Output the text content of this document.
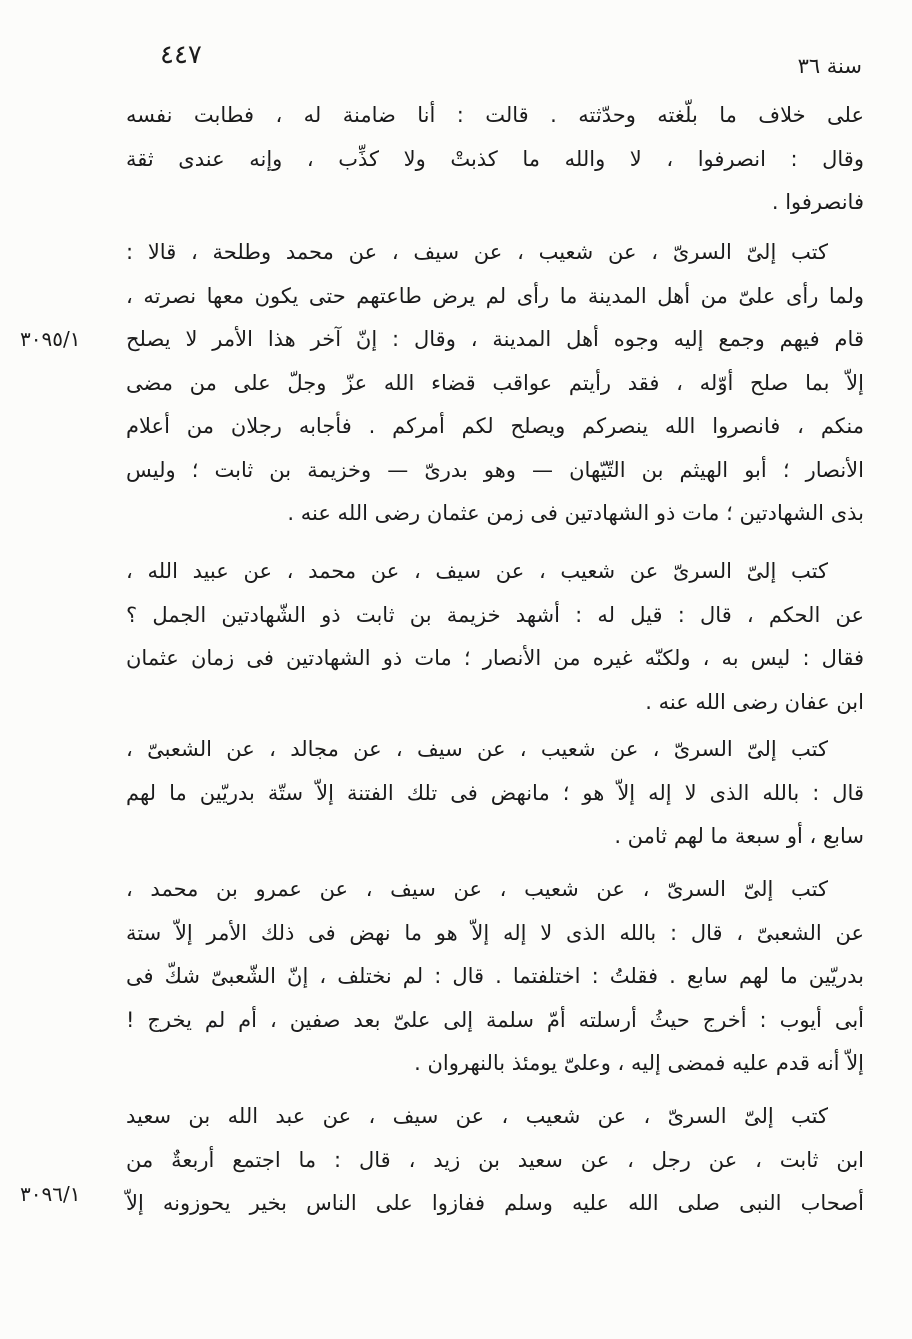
٤٤٧	سنة ٣٦
٣٠٩٥/١
٣٠٩٦/١
على خلاف ما بلّغته وحدّثته . قالت : أنا ضامنة له ، فطابت نفسه
وقال : انصرفوا ، لا والله ما كذبتْ ولا كذِّب ، وإنه عندى ثقة
فانصرفوا .
كتب إلىّ السرىّ ، عن شعيب ، عن سيف ، عن محمد وطلحة ، قالا :
ولما رأى علىّ من أهل المدينة ما رأى لم يرض طاعتهم حتى يكون معها نصرته ،
قام فيهم وجمع إليه وجوه أهل المدينة ، وقال : إنّ آخر هذا الأمر لا يصلح
إلاّ بما صلح أوّله ، فقد رأيتم عواقب قضاء الله عزّ وجلّ على من مضى
منكم ، فانصروا الله ينصركم ويصلح لكم أمركم . فأجابه رجلان من أعلام
الأنصار ؛ أبو الهيثم بن التّيّهان — وهو بدرىّ — وخزيمة بن ثابت ؛ وليس
بذى الشهادتين ؛ مات ذو الشهادتين فى زمن عثمان رضى الله عنه .
كتب إلىّ السرىّ عن شعيب ، عن سيف ، عن محمد ، عن عبيد الله ،
عن الحكم ، قال : قيل له : أشهد خزيمة بن ثابت ذو الشّهادتين الجمل ؟
فقال : ليس به ، ولكنّه غيره من الأنصار ؛ مات ذو الشهادتين فى زمان عثمان
ابن عفان رضى الله عنه .
كتب إلىّ السرىّ ، عن شعيب ، عن سيف ، عن مجالد ، عن الشعبىّ ،
قال : بالله الذى لا إله إلاّ هو ؛ مانهض فى تلك الفتنة إلاّ ستّة بدريّين ما لهم
سابع ، أو سبعة ما لهم ثامن .
كتب إلىّ السرىّ ، عن شعيب ، عن سيف ، عن عمرو بن محمد ،
عن الشعبىّ ، قال : بالله الذى لا إله إلاّ هو ما نهض فى ذلك الأمر إلاّ ستة
بدريّين ما لهم سابع . فقلتُ : اختلفتما . قال : لم نختلف ، إنّ الشّعبىّ شكّ فى
أبى أيوب : أخرج حيثُ أرسلته أمّ سلمة إلى علىّ بعد صفين ، أم لم يخرج !
إلاّ أنه قدم عليه فمضى إليه ، وعلىّ يومئذ بالنهروان .
كتب إلىّ السرىّ ، عن شعيب ، عن سيف ، عن عبد الله بن سعيد
ابن ثابت ، عن رجل ، عن سعيد بن زيد ، قال : ما اجتمع أربعةٌ من
أصحاب النبى صلى الله عليه وسلم ففازوا على الناس بخير يحوزونه إلاّ
